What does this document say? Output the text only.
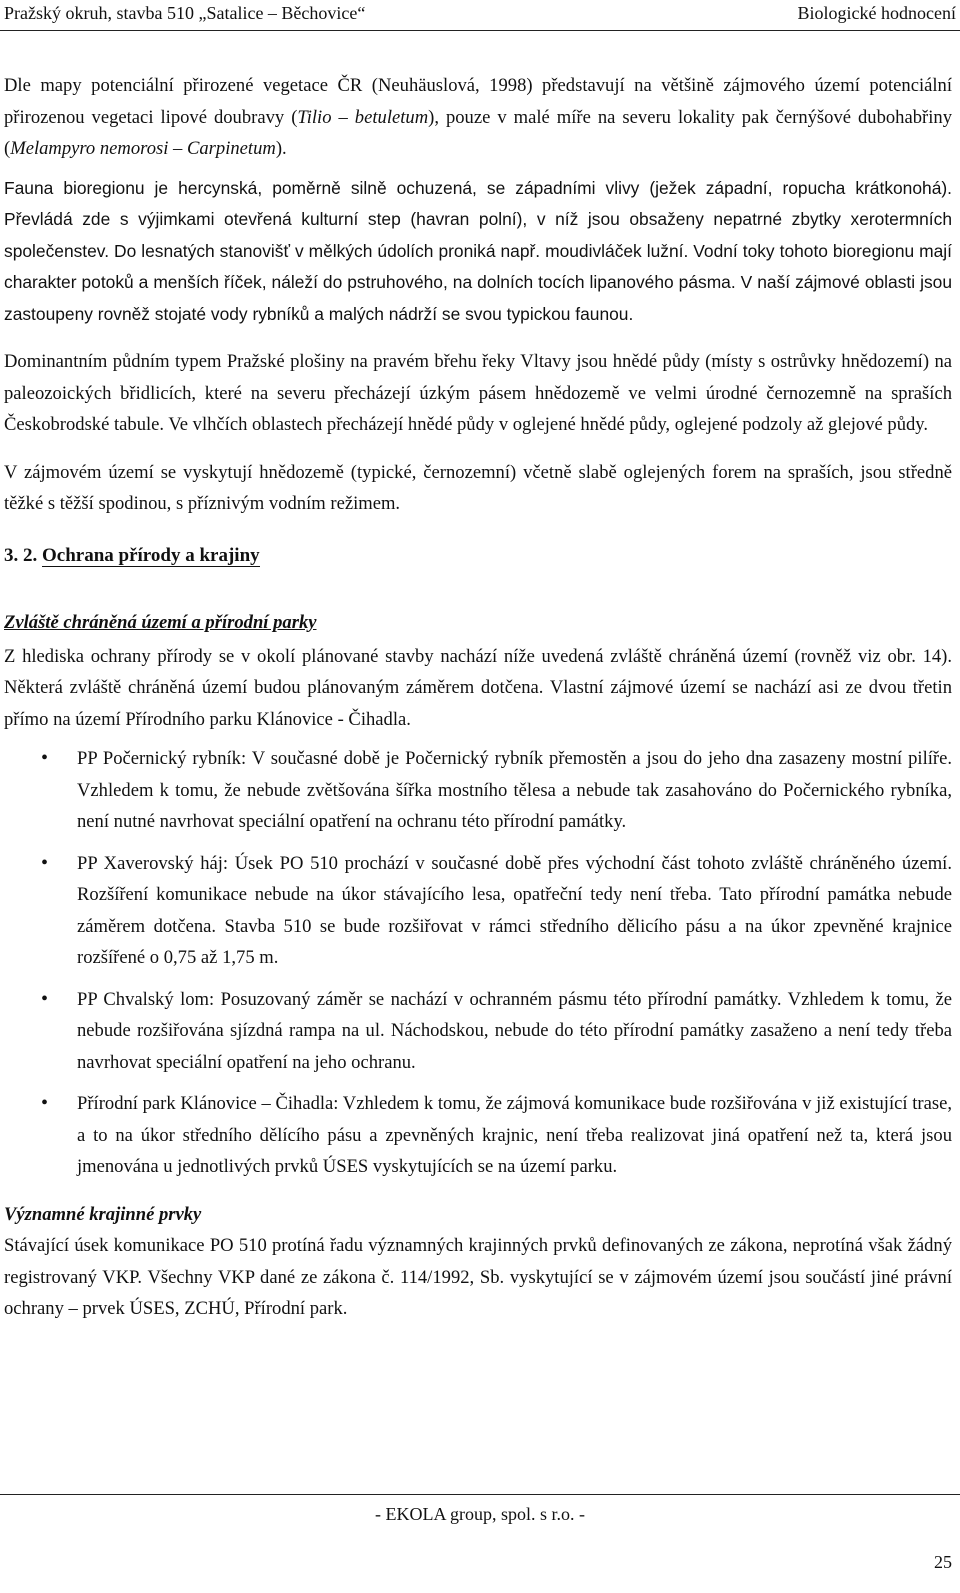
Pražský okruh, stavba 510 „Satalice – Běchovice“	Biologické hodnocení

Dle mapy potenciální přirozené vegetace ČR (Neuhäuslová, 1998) představují na většině zájmového území potenciální přirozenou vegetaci lipové doubravy (Tilio – betuletum), pouze v malé míře na severu lokality pak černýšové dubohabřiny (Melampyro nemorosi – Carpinetum).

Fauna bioregionu je hercynská, poměrně silně ochuzená, se západními vlivy (ježek západní, ropucha krátkonohá). Převládá zde s výjimkami otevřená kulturní step (havran polní), v níž jsou obsaženy nepatrné zbytky xerotermních společenstev. Do lesnatých stanovišť v mělkých údolích proniká např. moudivláček lužní. Vodní toky tohoto bioregionu mají charakter potoků a menších říček, náleží do pstruhového, na dolních tocích lipanového pásma. V naší zájmové oblasti jsou zastoupeny rovněž stojaté vody rybníků a malých nádrží se svou typickou faunou.

Dominantním půdním typem Pražské plošiny na pravém břehu řeky Vltavy jsou hnědé půdy (místy s ostrůvky hnědozemí) na paleozoických břidlicích, které na severu přecházejí úzkým pásem hnědozemě ve velmi úrodné černozemně na spraších Českobrodské tabule. Ve vlhčích oblastech přecházejí hnědé půdy v oglejené hnědé půdy, oglejené podzoly až glejové půdy.

V zájmovém území se vyskytují hnědozemě (typické, černozemní) včetně slabě oglejených forem na spraších, jsou středně těžké s těžší spodinou, s příznivým vodním režimem.

3. 2. Ochrana přírody a krajiny
Zvláště chráněná území a přírodní parky

Z hlediska ochrany přírody se v okolí plánované stavby nachází níže uvedená zvláště chráněná území (rovněž viz obr. 14). Některá zvláště chráněná území budou plánovaným záměrem dotčena. Vlastní zájmové území se nachází asi ze dvou třetin přímo na území Přírodního parku Klánovice - Čihadla.

• PP Počernický rybník: V současné době je Počernický rybník přemostěn a jsou do jeho dna zasazeny mostní pilíře. Vzhledem k tomu, že nebude zvětšována šířka mostního tělesa a nebude tak zasahováno do Počernického rybníka, není nutné navrhovat speciální opatření na ochranu této přírodní památky.
• PP Xaverovský háj: Úsek PO 510 prochází v současné době přes východní část tohoto zvláště chráněného území. Rozšíření komunikace nebude na úkor stávajícího lesa, opatřeční tedy není třeba. Tato přírodní památka nebude záměrem dotčena. Stavba 510 se bude rozšiřovat v rámci středního dělicího pásu a na úkor zpevněné krajnice rozšířené o 0,75 až 1,75 m.
• PP Chvalský lom: Posuzovaný záměr se nachází v ochranném pásmu této přírodní památky. Vzhledem k tomu, že nebude rozšiřována sjízdná rampa na ul. Náchodskou, nebude do této přírodní památky zasaženo a není tedy třeba navrhovat speciální opatření na jeho ochranu.
• Přírodní park Klánovice – Čihadla: Vzhledem k tomu, že zájmová komunikace bude rozšiřována v již existující trase, a to na úkor středního dělícího pásu a zpevněných krajnic, není třeba realizovat jiná opatření než ta, která jsou jmenována u jednotlivých prvků ÚSES vyskytujících se na území parku.
Významné krajinné prvky

Stávající úsek komunikace PO 510 protíná řadu významných krajinných prvků definovaných ze zákona, neprotíná však žádný registrovaný VKP. Všechny VKP dané ze zákona č. 114/1992, Sb. vyskytující se v zájmovém území jsou součástí jiné právní ochrany – prvek ÚSES, ZCHÚ, Přírodní park.

- EKOLA group, spol. s r.o. -
25
